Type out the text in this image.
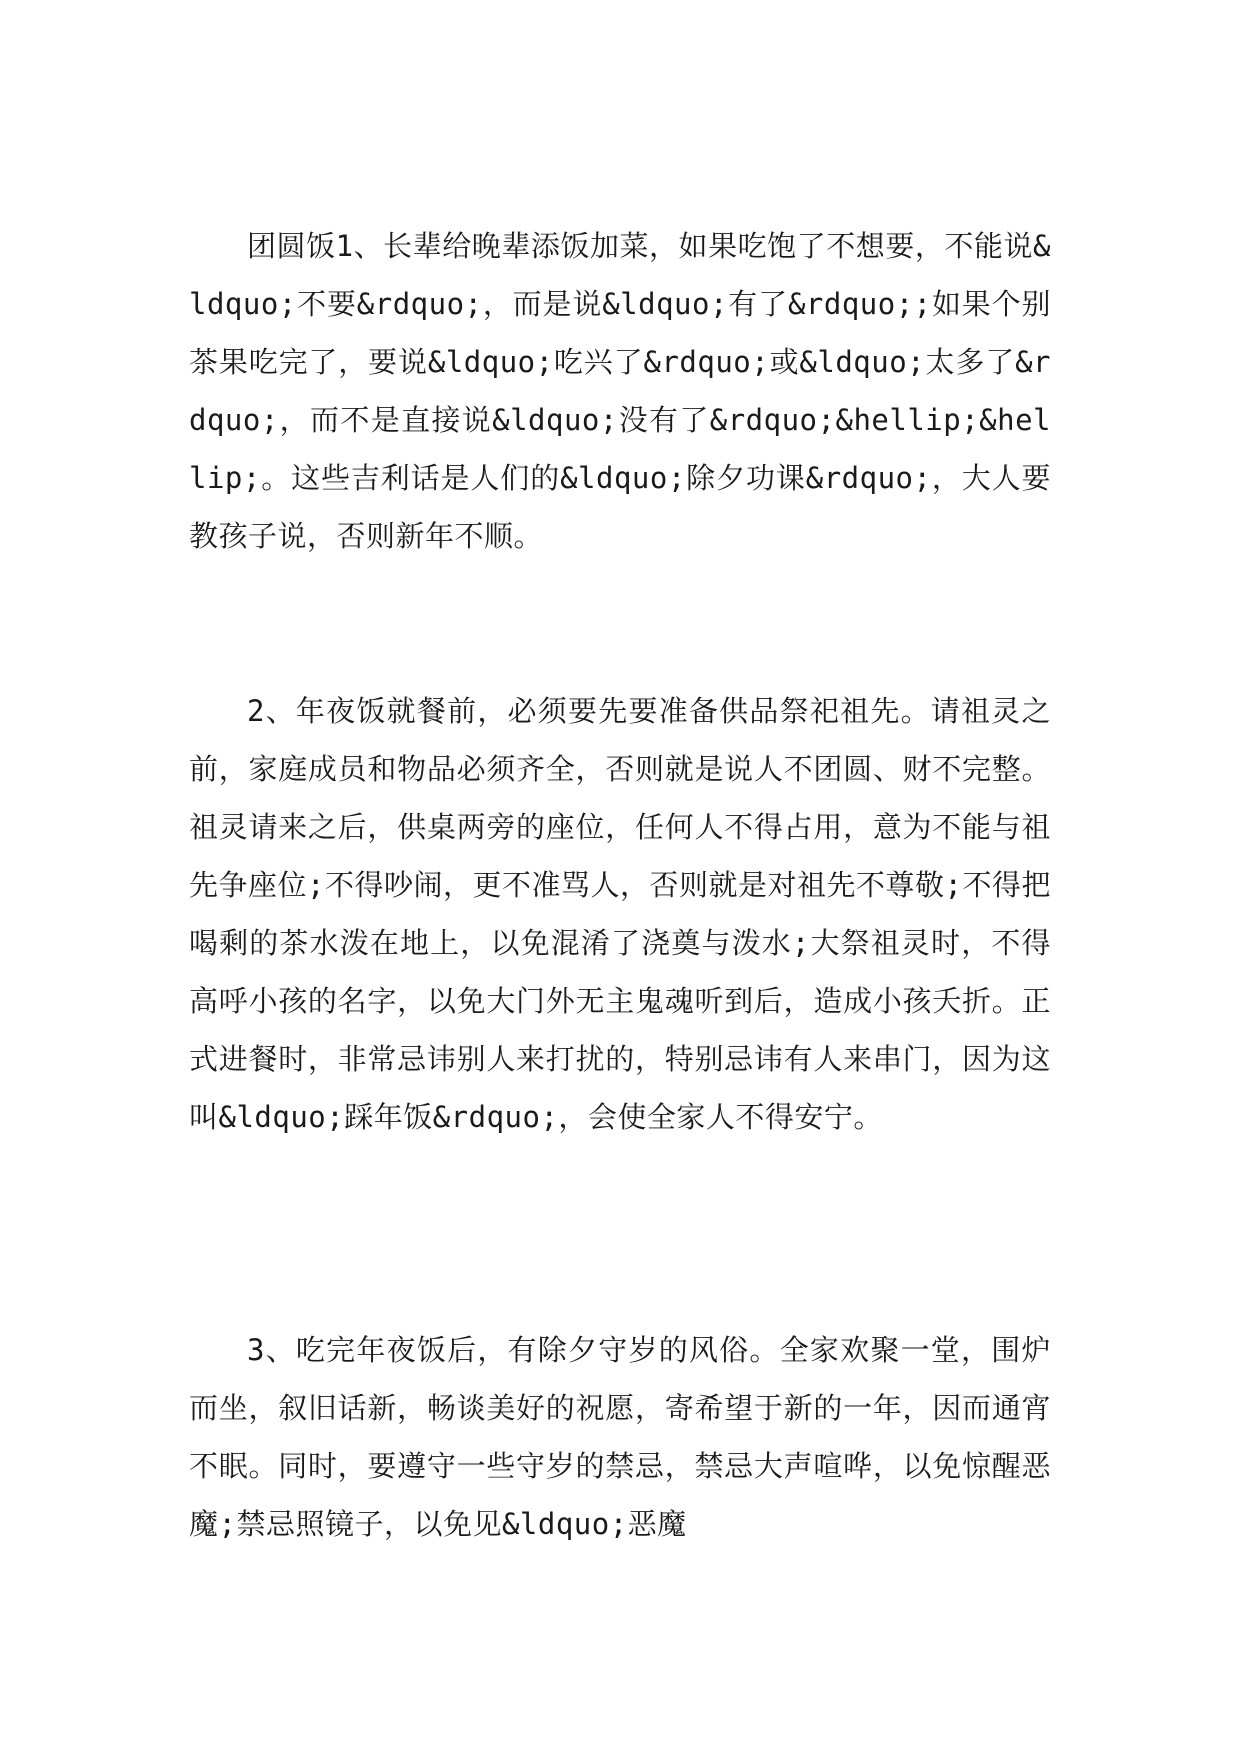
团圆饭1、长辈给晚辈添饭加菜，如果吃饱了不想要，不能说&ldquo;不要&rdquo;，而是说&ldquo;有了&rdquo;;如果个别茶果吃完了，要说&ldquo;吃兴了&rdquo;或&ldquo;太多了&rdquo;，而不是直接说&ldquo;没有了&rdquo;&hellip;&hellip;。这些吉利话是人们的&ldquo;除夕功课&rdquo;，大人要教孩子说，否则新年不顺。

2、年夜饭就餐前，必须要先要准备供品祭祀祖先。请祖灵之前，家庭成员和物品必须齐全，否则就是说人不团圆、财不完整。祖灵请来之后，供桌两旁的座位，任何人不得占用，意为不能与祖先争座位;不得吵闹，更不准骂人，否则就是对祖先不尊敬;不得把喝剩的茶水泼在地上，以免混淆了浇奠与泼水;大祭祖灵时，不得高呼小孩的名字，以免大门外无主鬼魂听到后，造成小孩夭折。正式进餐时，非常忌讳别人来打扰的，特别忌讳有人来串门，因为这叫&ldquo;踩年饭&rdquo;，会使全家人不得安宁。

3、吃完年夜饭后，有除夕守岁的风俗。全家欢聚一堂，围炉而坐，叙旧话新，畅谈美好的祝愿，寄希望于新的一年，因而通宵不眠。同时，要遵守一些守岁的禁忌，禁忌大声喧哗，以免惊醒恶魔;禁忌照镜子，以免见&ldquo;恶魔
